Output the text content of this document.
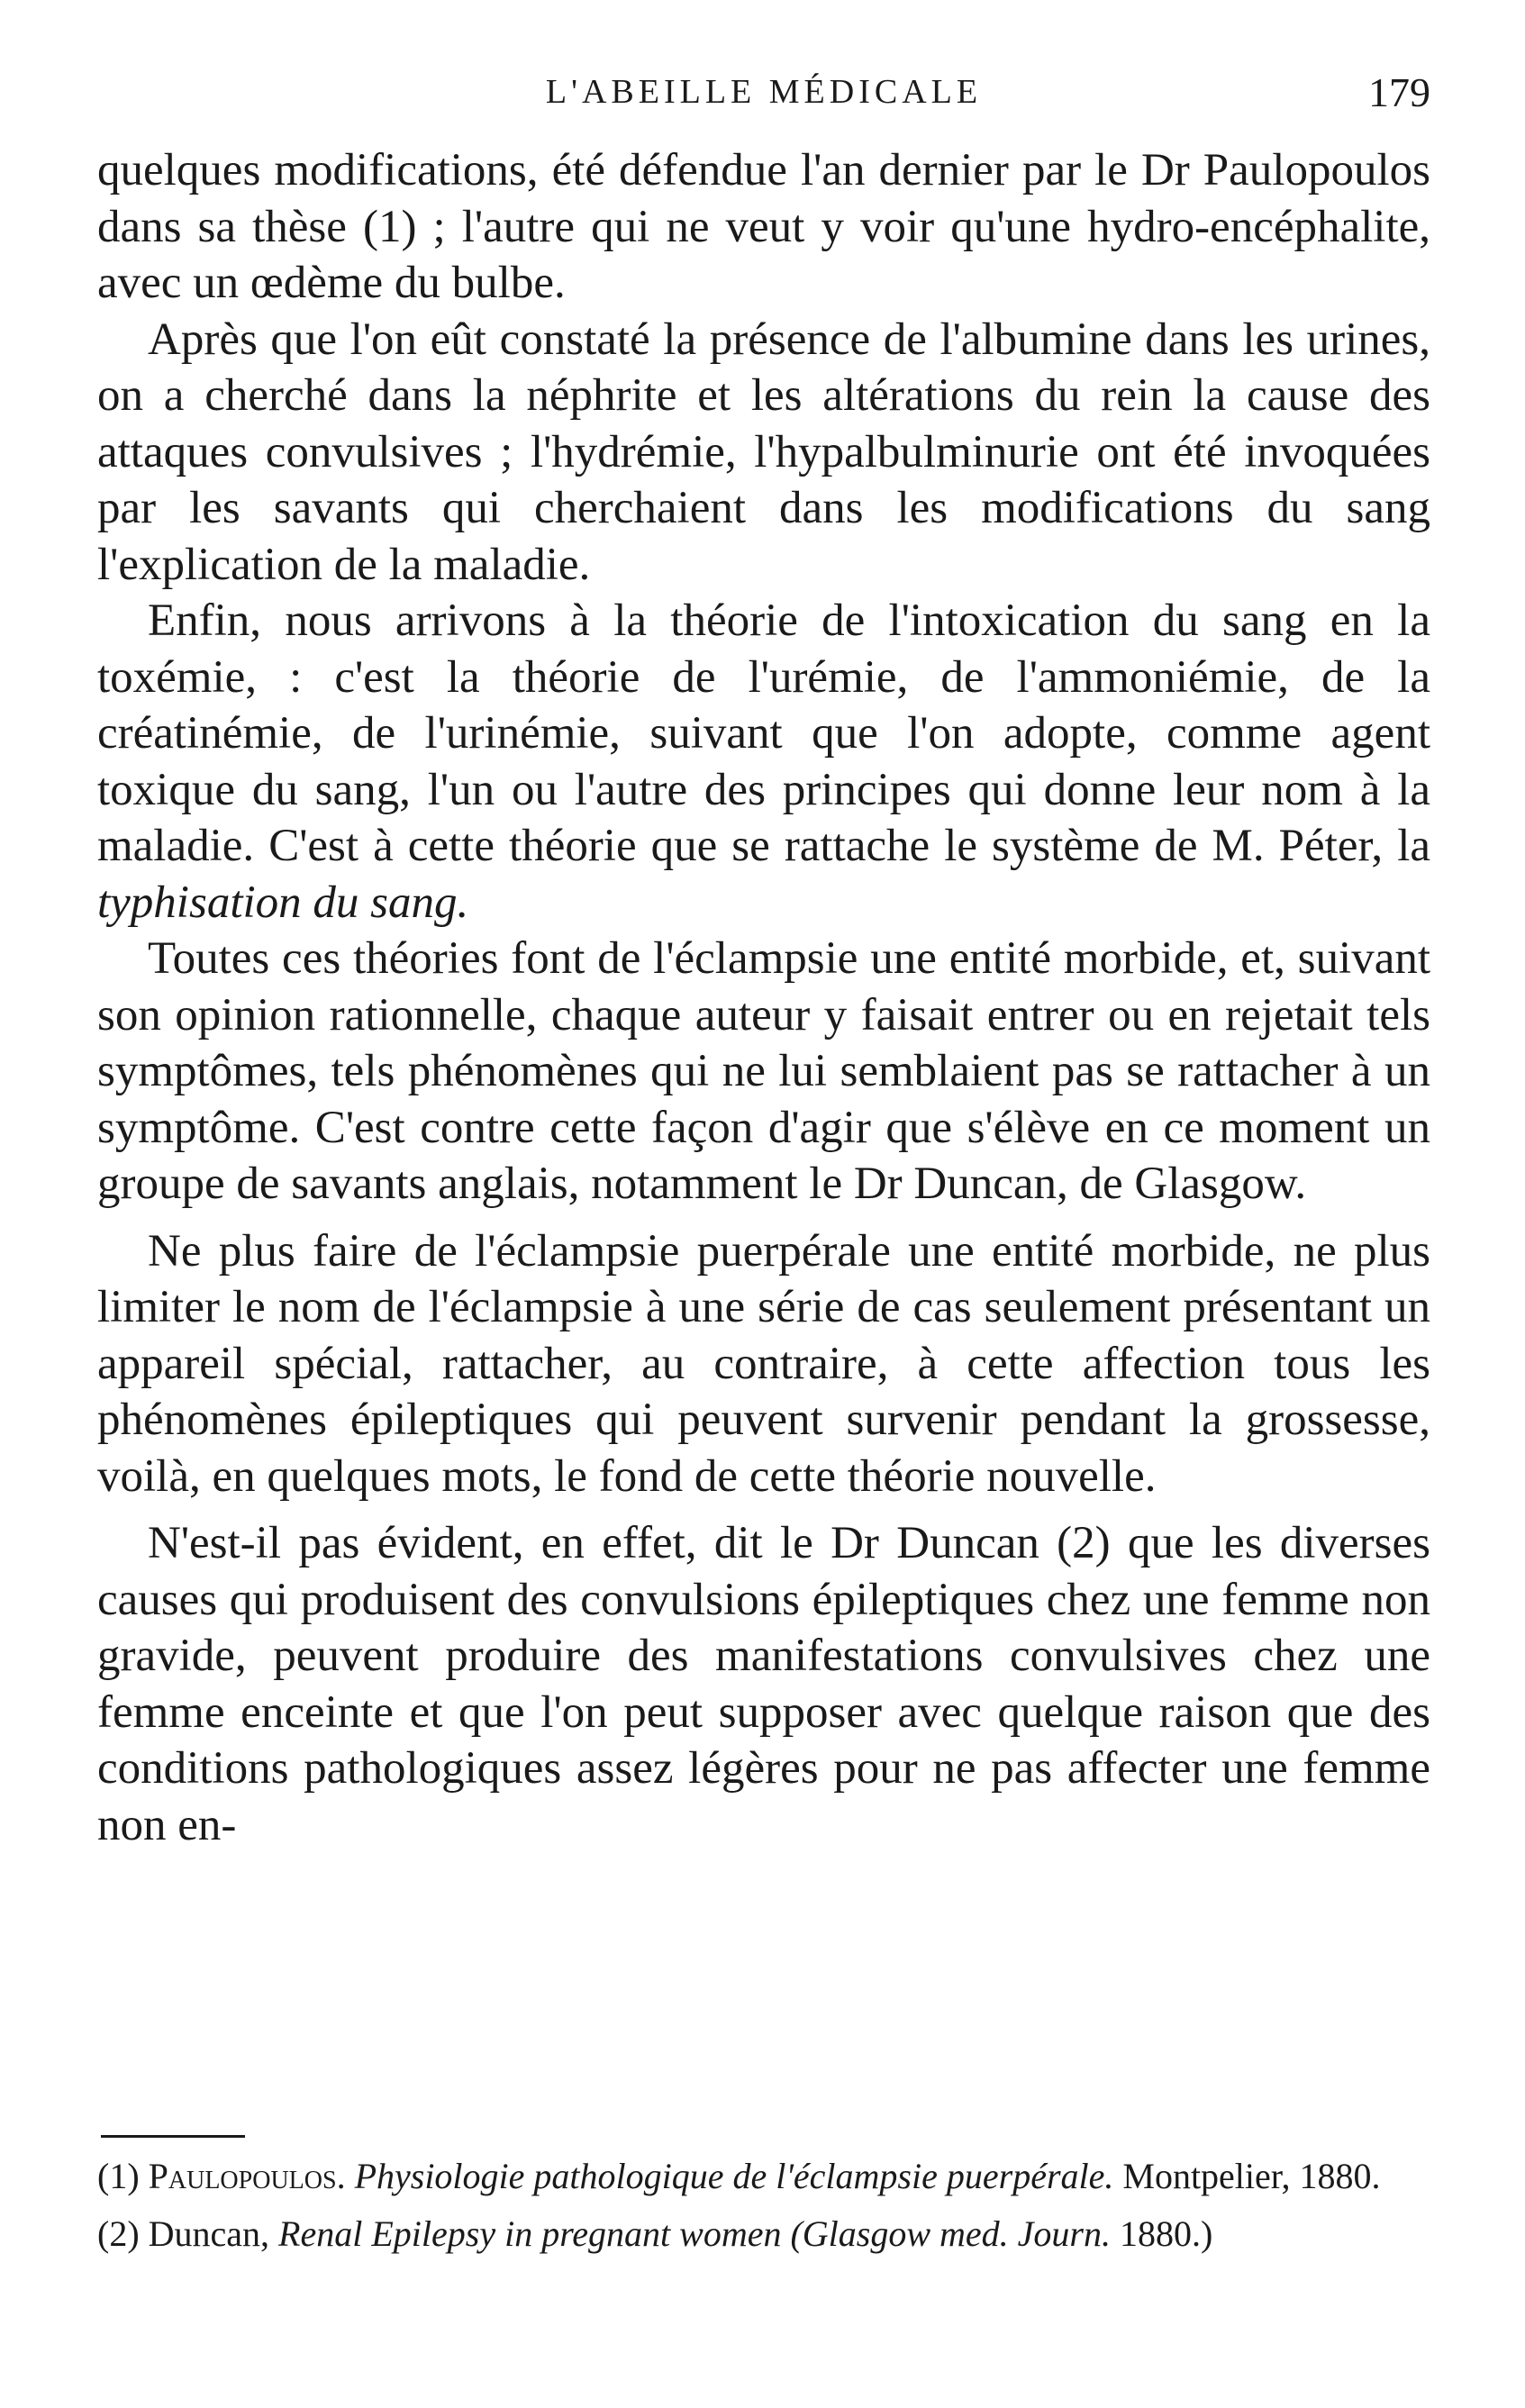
L'ABEILLE MÉDICALE	179

quelques modifications, été défendue l'an dernier par le Dr Paulopoulos dans sa thèse (1) ; l'autre qui ne veut y voir qu'une hydro-encéphalite, avec un œdème du bulbe.

Après que l'on eût constaté la présence de l'albumine dans les urines, on a cherché dans la néphrite et les altérations du rein la cause des attaques convulsives ; l'hydrémie, l'hypalbulminurie ont été invoquées par les savants qui cherchaient dans les modifications du sang l'explication de la maladie.

Enfin, nous arrivons à la théorie de l'intoxication du sang en la toxémie, : c'est la théorie de l'urémie, de l'ammoniémie, de la créatinémie, de l'urinémie, suivant que l'on adopte, comme agent toxique du sang, l'un ou l'autre des principes qui donne leur nom à la maladie. C'est à cette théorie que se rattache le système de M. Péter, la typhisation du sang.

Toutes ces théories font de l'éclampsie une entité morbide, et, suivant son opinion rationnelle, chaque auteur y faisait entrer ou en rejetait tels symptômes, tels phénomènes qui ne lui semblaient pas se rattacher à un symptôme. C'est contre cette façon d'agir que s'élève en ce moment un groupe de savants anglais, notamment le Dr Duncan, de Glasgow.

Ne plus faire de l'éclampsie puerpérale une entité morbide, ne plus limiter le nom de l'éclampsie à une série de cas seulement présentant un appareil spécial, rattacher, au contraire, à cette affection tous les phénomènes épileptiques qui peuvent survenir pendant la grossesse, voilà, en quelques mots, le fond de cette théorie nouvelle.

N'est-il pas évident, en effet, dit le Dr Duncan (2) que les diverses causes qui produisent des convulsions épileptiques chez une femme non gravide, peuvent produire des manifestations convulsives chez une femme enceinte et que l'on peut supposer avec quelque raison que des conditions pathologiques assez légères pour ne pas affecter une femme non en-

(1) Paulopoulos. Physiologie pathologique de l'éclampsie puerpérale. Montpelier, 1880.

(2) Duncan, Renal Epilepsy in pregnant women (Glasgow med. Journ. 1880.)
